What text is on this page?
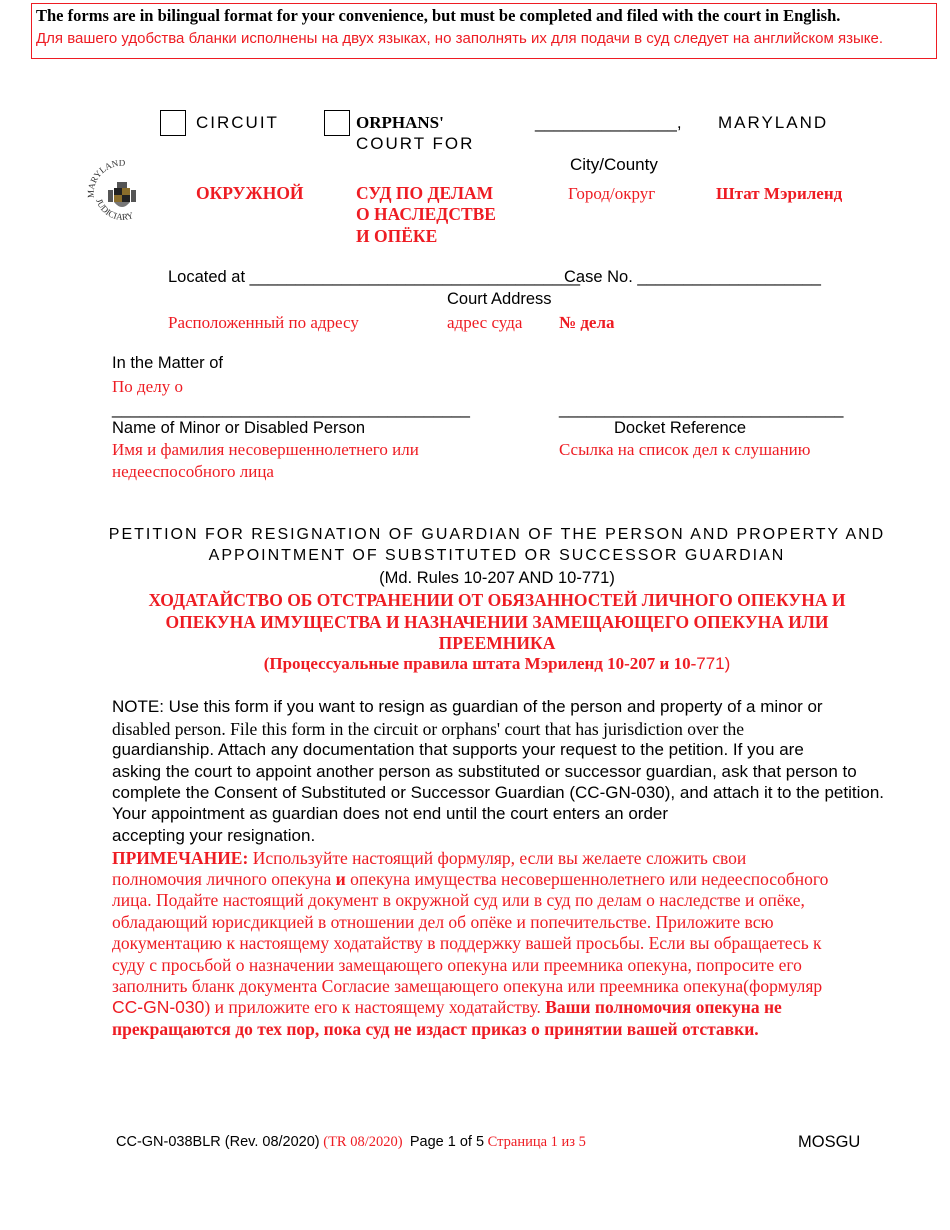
The forms are in bilingual format for your convenience, but must be completed and filed with the court in English.
Для вашего удобства бланки исполнены на двух языках, но заполнять их для подачи в суд следует на английском языке.
CIRCUIT	ORPHANS'
COURT FOR
_______________, MARYLAND
City/County
MARYLAND
JUDICIARY
ОКРУЖНОЙ	СУД ПО ДЕЛАМ
О НАСЛЕДСТВЕ
И ОПЁКЕ
Город/округ	Штат Мэриленд
Located at ____________________________________
Case No. ____________________
Court Address
Расположенный по адресу	адрес суда № дела
In the Matter of
По делу о
_______________________________________	_______________________________
Name of Minor or Disabled Person	Docket Reference
Имя и фамилия несовершеннолетнего или
недееспособного лица
Ссылка на список дел к слушанию
PETITION FOR RESIGNATION OF GUARDIAN OF THE PERSON AND PROPERTY AND
APPOINTMENT OF SUBSTITUTED OR SUCCESSOR GUARDIAN
(Md. Rules 10-207 AND 10-771)
ХОДАТАЙСТВО ОБ ОТСТРАНЕНИИ ОТ ОБЯЗАННОСТЕЙ ЛИЧНОГО ОПЕКУНА И
ОПЕКУНА ИМУЩЕСТВА И НАЗНАЧЕНИИ ЗАМЕЩАЮЩЕГО ОПЕКУНА ИЛИ
ПРЕЕМНИКА
(Процессуальные правила штата Мэриленд 10-207 и 10-771)
NOTE: Use this form if you want to resign as guardian of the person and property of a minor or
disabled person. File this form in the circuit or orphans' court that has jurisdiction over the
guardianship. Attach any documentation that supports your request to the petition. If you are
asking the court to appoint another person as substituted or successor guardian, ask that person to
complete the Consent of Substituted or Successor Guardian (CC-GN-030), and attach it to the petition.
Your appointment as guardian does not end until the court enters an order
accepting your resignation.
ПРИМЕЧАНИЕ: Используйте настоящий формуляр, если вы желаете сложить свои
полномочия личного опекуна и опекуна имущества несовершеннолетнего или недееспособного
лица. Подайте настоящий документ в окружной суд или в суд по делам о наследстве и опёке,
обладающий юрисдикцией в отношении дел об опёке и попечительстве. Приложите всю
документацию к настоящему ходатайству в поддержку вашей просьбы. Если вы обращаетесь к
суду с просьбой о назначении замещающего опекуна или преемника опекуна, попросите его
заполнить бланк документа Согласие замещающего опекуна или преемника опекуна(формуляр
CC-GN-030) и приложите его к настоящему ходатайству. Ваши полномочия опекуна не
прекращаются до тех пор, пока суд не издаст приказ о принятии вашей отставки.
CC-GN-038BLR (Rev. 08/2020) (TR 08/2020) Page 1 of 5 Страница 1 из 5	MOSGU
